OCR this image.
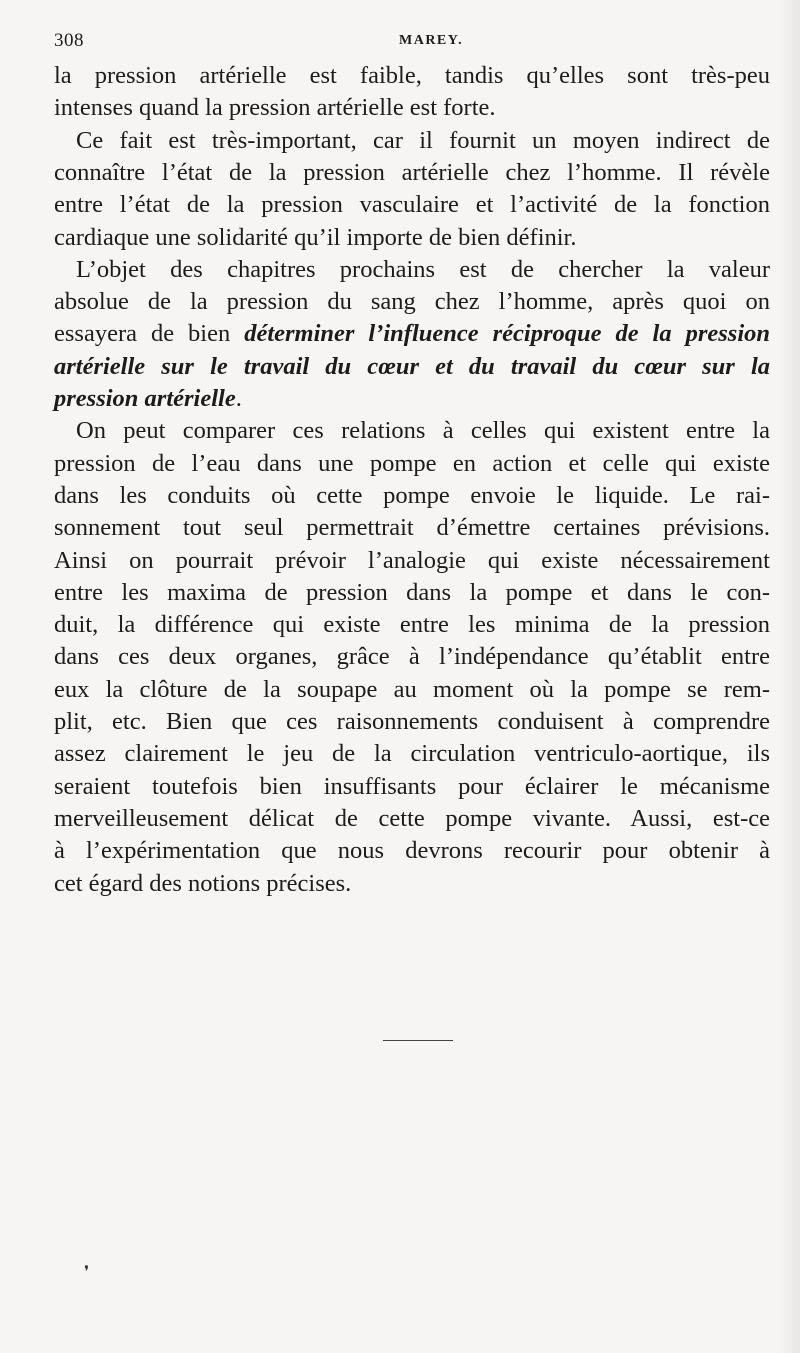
308	MAREY.
la pression artérielle est faible, tandis qu’elles sont très-peu
intenses quand la pression artérielle est forte.
Ce fait est très-important, car il fournit un moyen indirect de
connaître l’état de la pression artérielle chez l’homme. Il révèle
entre l’état de la pression vasculaire et l’activité de la fonction
cardiaque une solidarité qu’il importe de bien définir.
L’objet des chapitres prochains est de chercher la valeur
absolue de la pression du sang chez l’homme, après quoi on
essayera de bien déterminer l’influence réciproque de la pression
artérielle sur le travail du cœur et du travail du cœur sur la
pression artérielle.
On peut comparer ces relations à celles qui existent entre la
pression de l’eau dans une pompe en action et celle qui existe
dans les conduits où cette pompe envoie le liquide. Le rai-
sonnement tout seul permettrait d’émettre certaines prévisions.
Ainsi on pourrait prévoir l’analogie qui existe nécessairement
entre les maxima de pression dans la pompe et dans le con-
duit, la différence qui existe entre les minima de la pression
dans ces deux organes, grâce à l’indépendance qu’établit entre
eux la clôture de la soupape au moment où la pompe se rem-
plit, etc. Bien que ces raisonnements conduisent à comprendre
assez clairement le jeu de la circulation ventriculo-aortique, ils
seraient toutefois bien insuffisants pour éclairer le mécanisme
merveilleusement délicat de cette pompe vivante. Aussi, est-ce
à l’expérimentation que nous devrons recourir pour obtenir à
cet égard des notions précises.
❜
